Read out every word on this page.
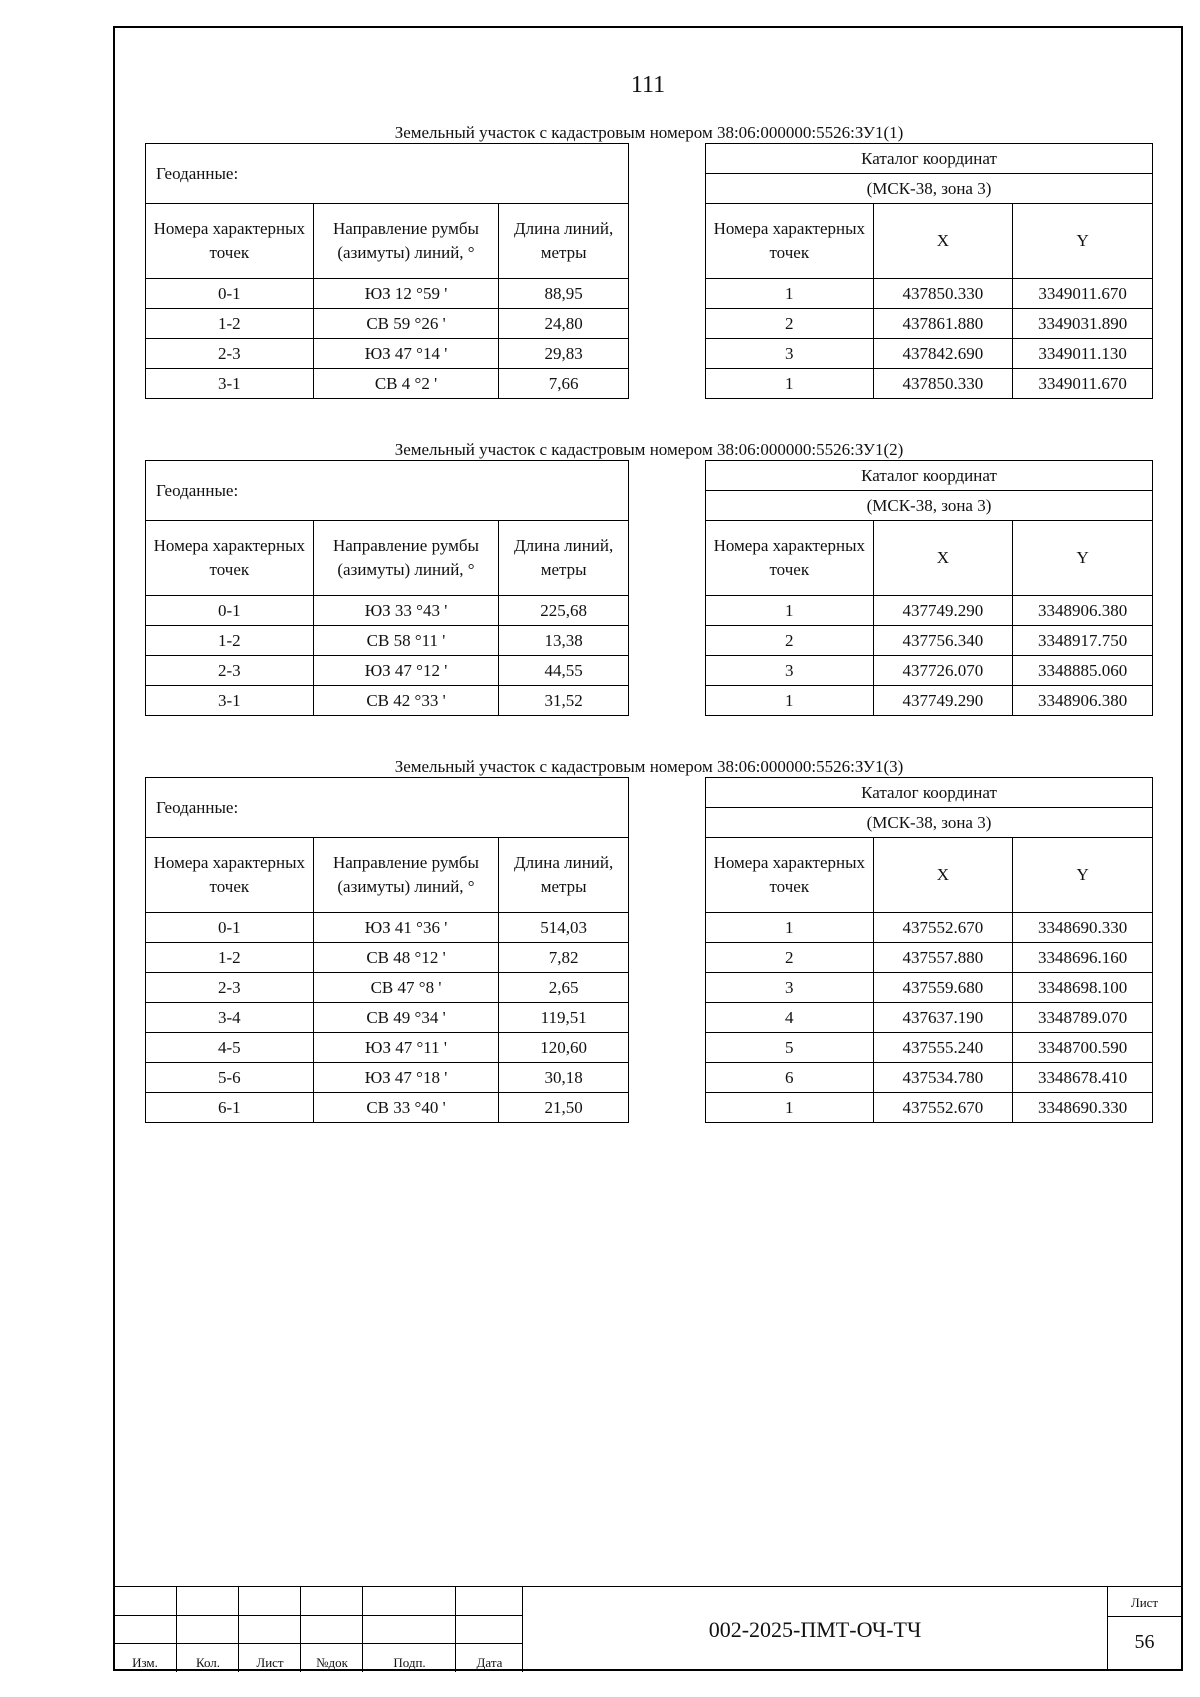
111
Земельный участок с кадастровым номером 38:06:000000:5526:ЗУ1(1)
Геоданные:		
Номера характерных точек	Направление румбы (азимуты) линий, °	Длина линий, метры
0-1	ЮЗ 12 °59 '	88,95
1-2	СВ 59 °26 '	24,80
2-3	ЮЗ 47 °14 '	29,83
3-1	СВ 4 °2 '	7,66
Каталог координат		
(МСК-38, зона 3)		
Номера характерных точек	X	Y
1	437850.330	3349011.670
2	437861.880	3349031.890
3	437842.690	3349011.130
1	437850.330	3349011.670
Земельный участок с кадастровым номером 38:06:000000:5526:ЗУ1(2)
Геоданные:		
Номера характерных точек	Направление румбы (азимуты) линий, °	Длина линий, метры
0-1	ЮЗ 33 °43 '	225,68
1-2	СВ 58 °11 '	13,38
2-3	ЮЗ 47 °12 '	44,55
3-1	СВ 42 °33 '	31,52
Каталог координат		
(МСК-38, зона 3)		
Номера характерных точек	X	Y
1	437749.290	3348906.380
2	437756.340	3348917.750
3	437726.070	3348885.060
1	437749.290	3348906.380
Земельный участок с кадастровым номером 38:06:000000:5526:ЗУ1(3)
Геоданные:		
Номера характерных точек	Направление румбы (азимуты) линий, °	Длина линий, метры
0-1	ЮЗ 41 °36 '	514,03
1-2	СВ 48 °12 '	7,82
2-3	СВ 47 °8 '	2,65
3-4	СВ 49 °34 '	119,51
4-5	ЮЗ 47 °11 '	120,60
5-6	ЮЗ 47 °18 '	30,18
6-1	СВ 33 °40 '	21,50
Каталог координат		
(МСК-38, зона 3)		
Номера характерных точек	X	Y
1	437552.670	3348690.330
2	437557.880	3348696.160
3	437559.680	3348698.100
4	437637.190	3348789.070
5	437555.240	3348700.590
6	437534.780	3348678.410
1	437552.670	3348690.330
Изм.	Кол.	Лист	№док	Подп.	Дата
002-2025-ПМТ-ОЧ-ТЧ
Лист
56
